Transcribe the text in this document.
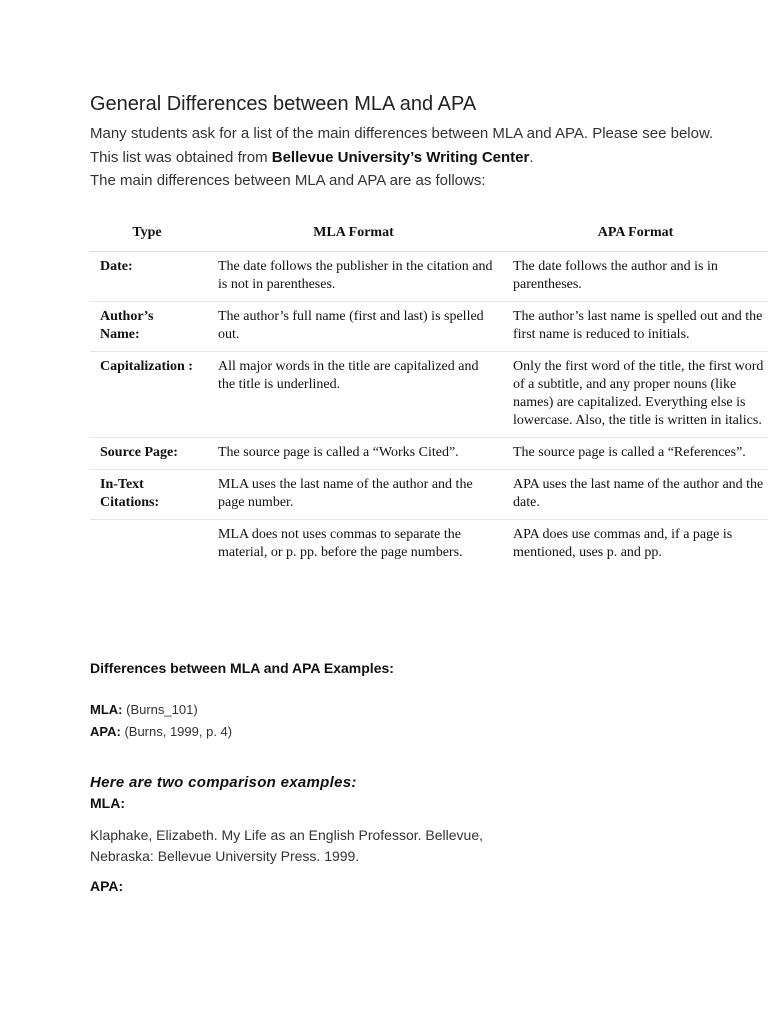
General Differences between MLA and APA
Many students ask for a list of the main differences between MLA and APA. Please see below. This list was obtained from Bellevue University’s Writing Center.
The main differences between MLA and APA are as follows:
Type	MLA Format	APA Format
Date:	The date follows the publisher in the citation and is not in parentheses.	The date follows the author and is in parentheses.
Author’s Name:	The author’s full name (first and last) is spelled out.	The author’s last name is spelled out and the first name is reduced to initials.
Capitalization :	All major words in the title are capitalized and the title is underlined.	Only the first word of the title, the first word of a subtitle, and any proper nouns (like names) are capitalized. Everything else is lowercase. Also, the title is written in italics.
Source Page:	The source page is called a “Works Cited”.	The source page is called a “References”.
In-Text Citations:	MLA uses the last name of the author and the page number.	APA uses the last name of the author and the date.
	MLA does not uses commas to separate the material, or p. pp. before the page numbers.	APA does use commas and, if a page is mentioned, uses p. and pp.
Differences between MLA and APA Examples:
MLA: (Burns_101)
APA: (Burns, 1999, p. 4)
Here are two comparison examples:
MLA:
Klaphake, Elizabeth. My Life as an English Professor. Bellevue, Nebraska: Bellevue University Press. 1999.
APA:
